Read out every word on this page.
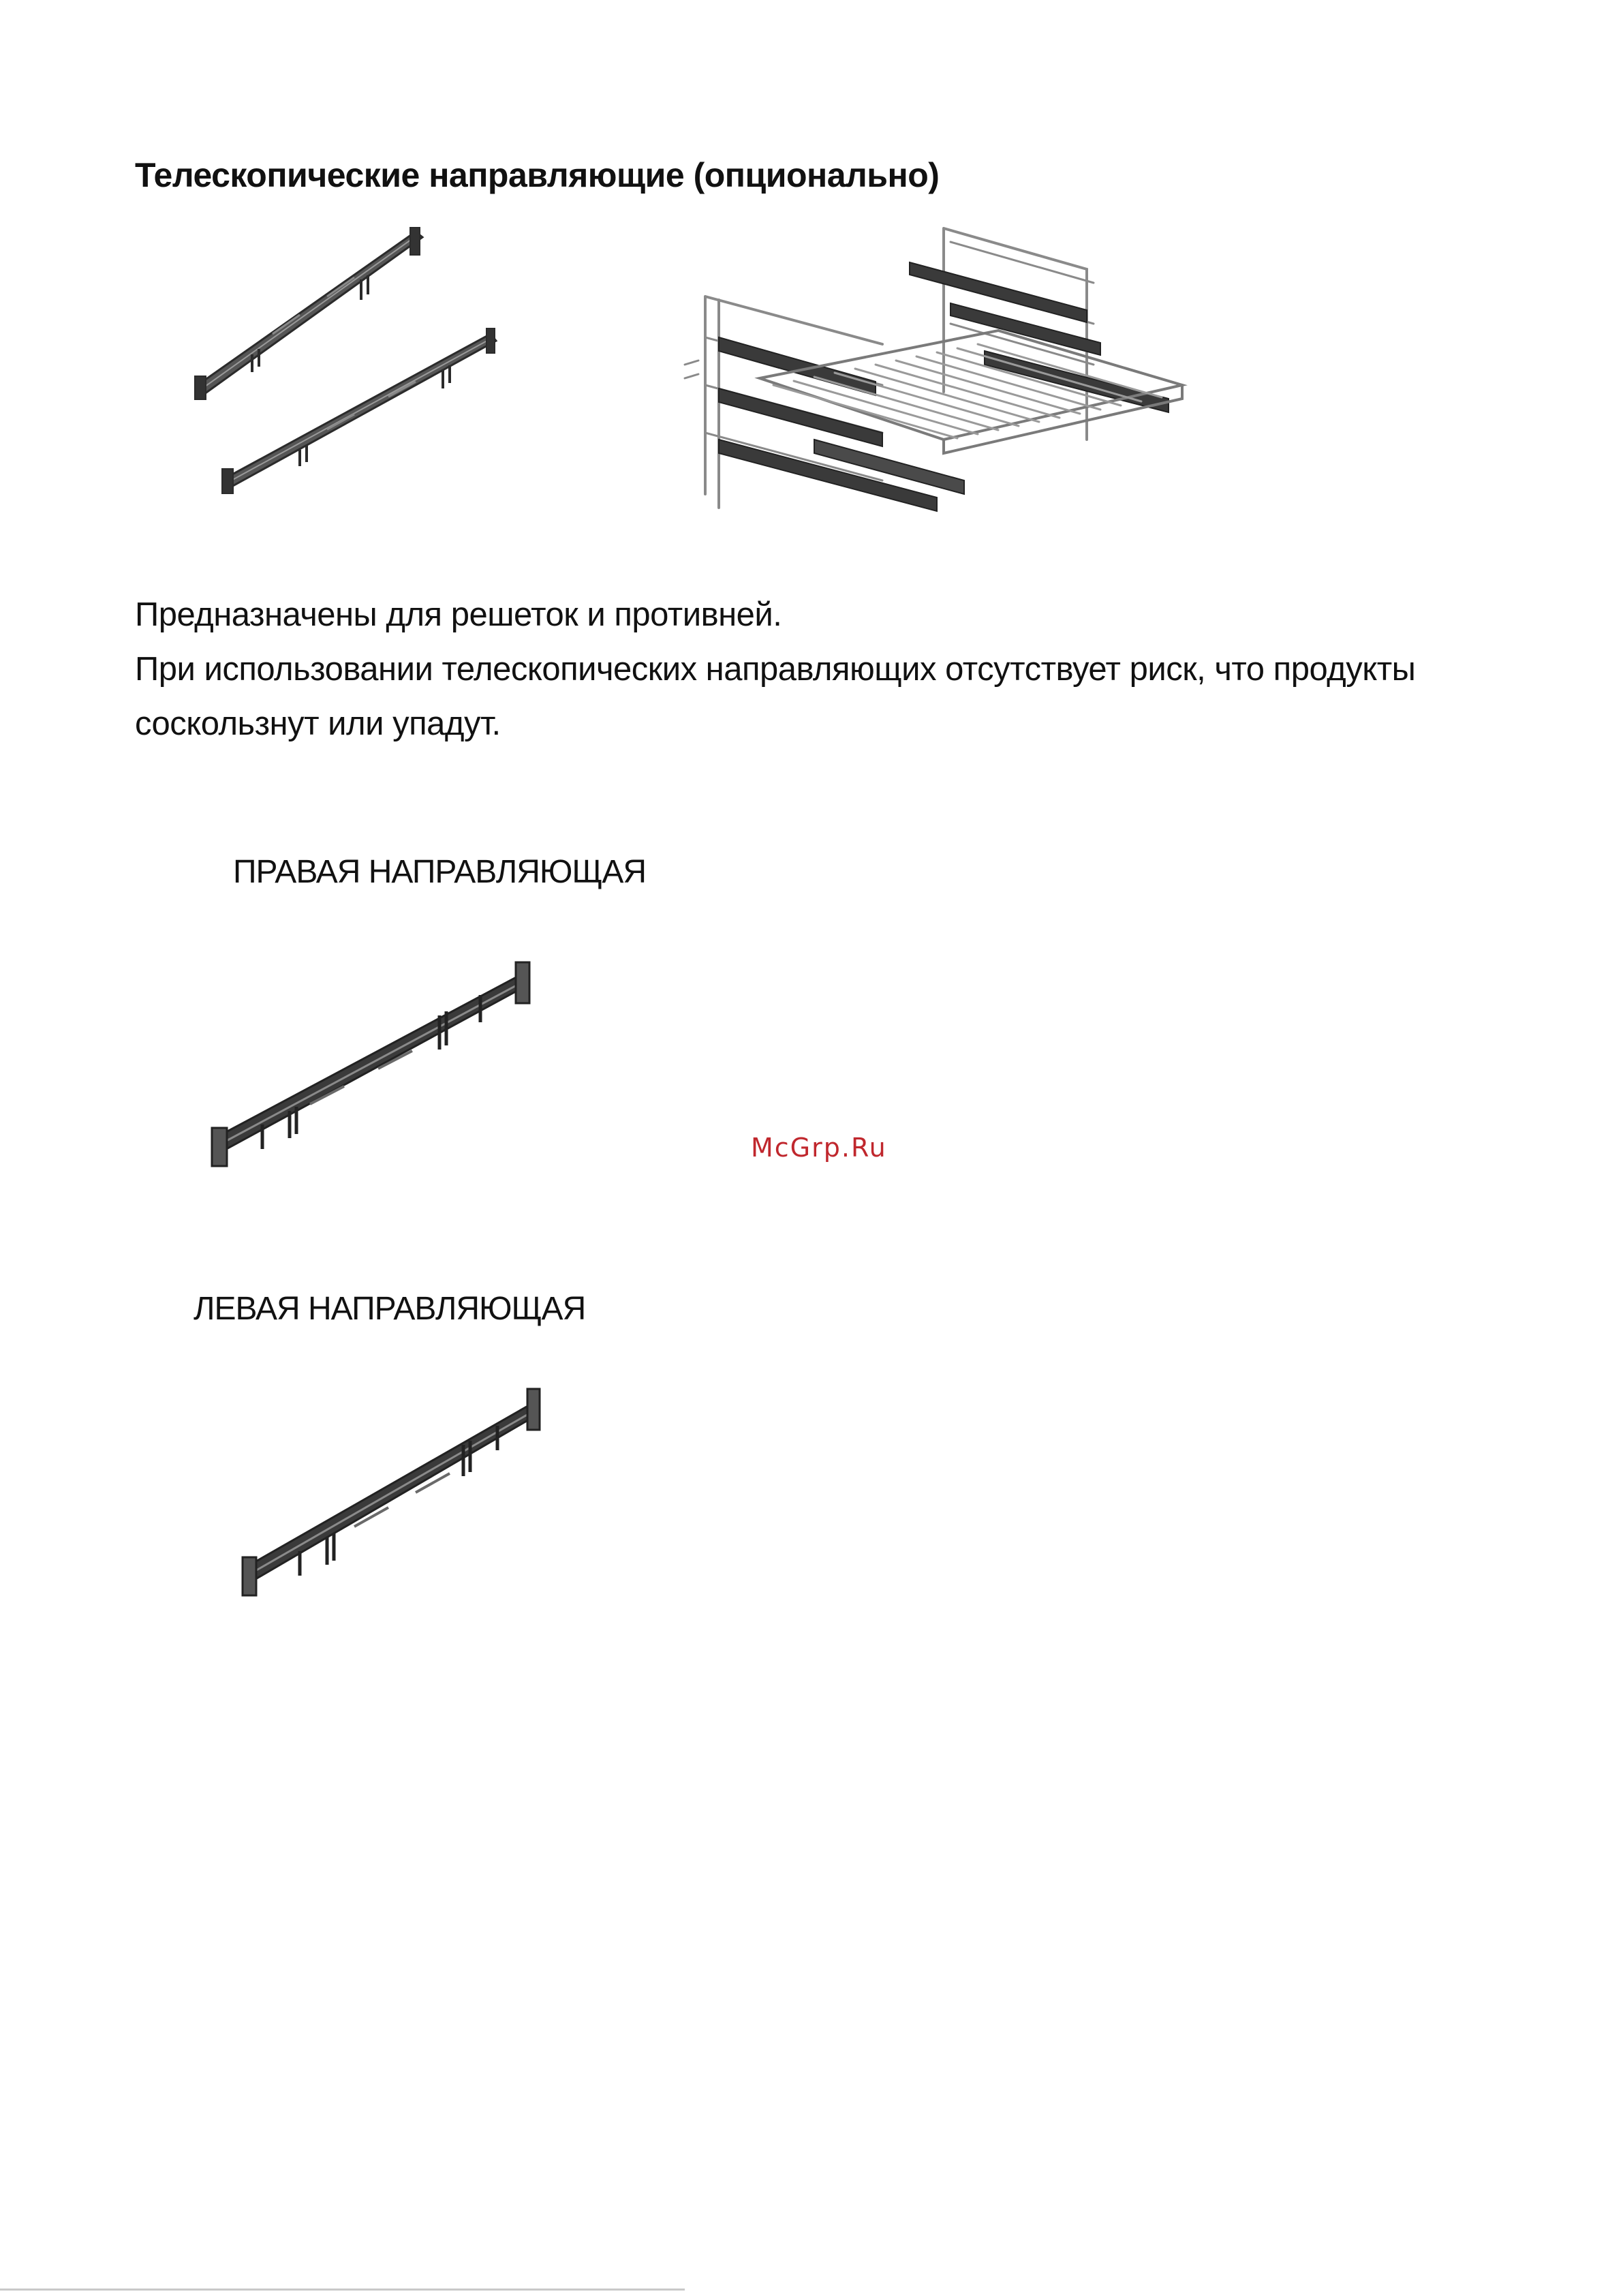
Телескопические направляющие (опционально)

Предназначены для решеток и противней.

При использовании телескопических направляющих отсутствует риск, что продукты

соскользнут или упадут.

ПРАВАЯ НАПРАВЛЯЮЩАЯ
McGrp.Ru
ЛЕВАЯ НАПРАВЛЯЮЩАЯ
